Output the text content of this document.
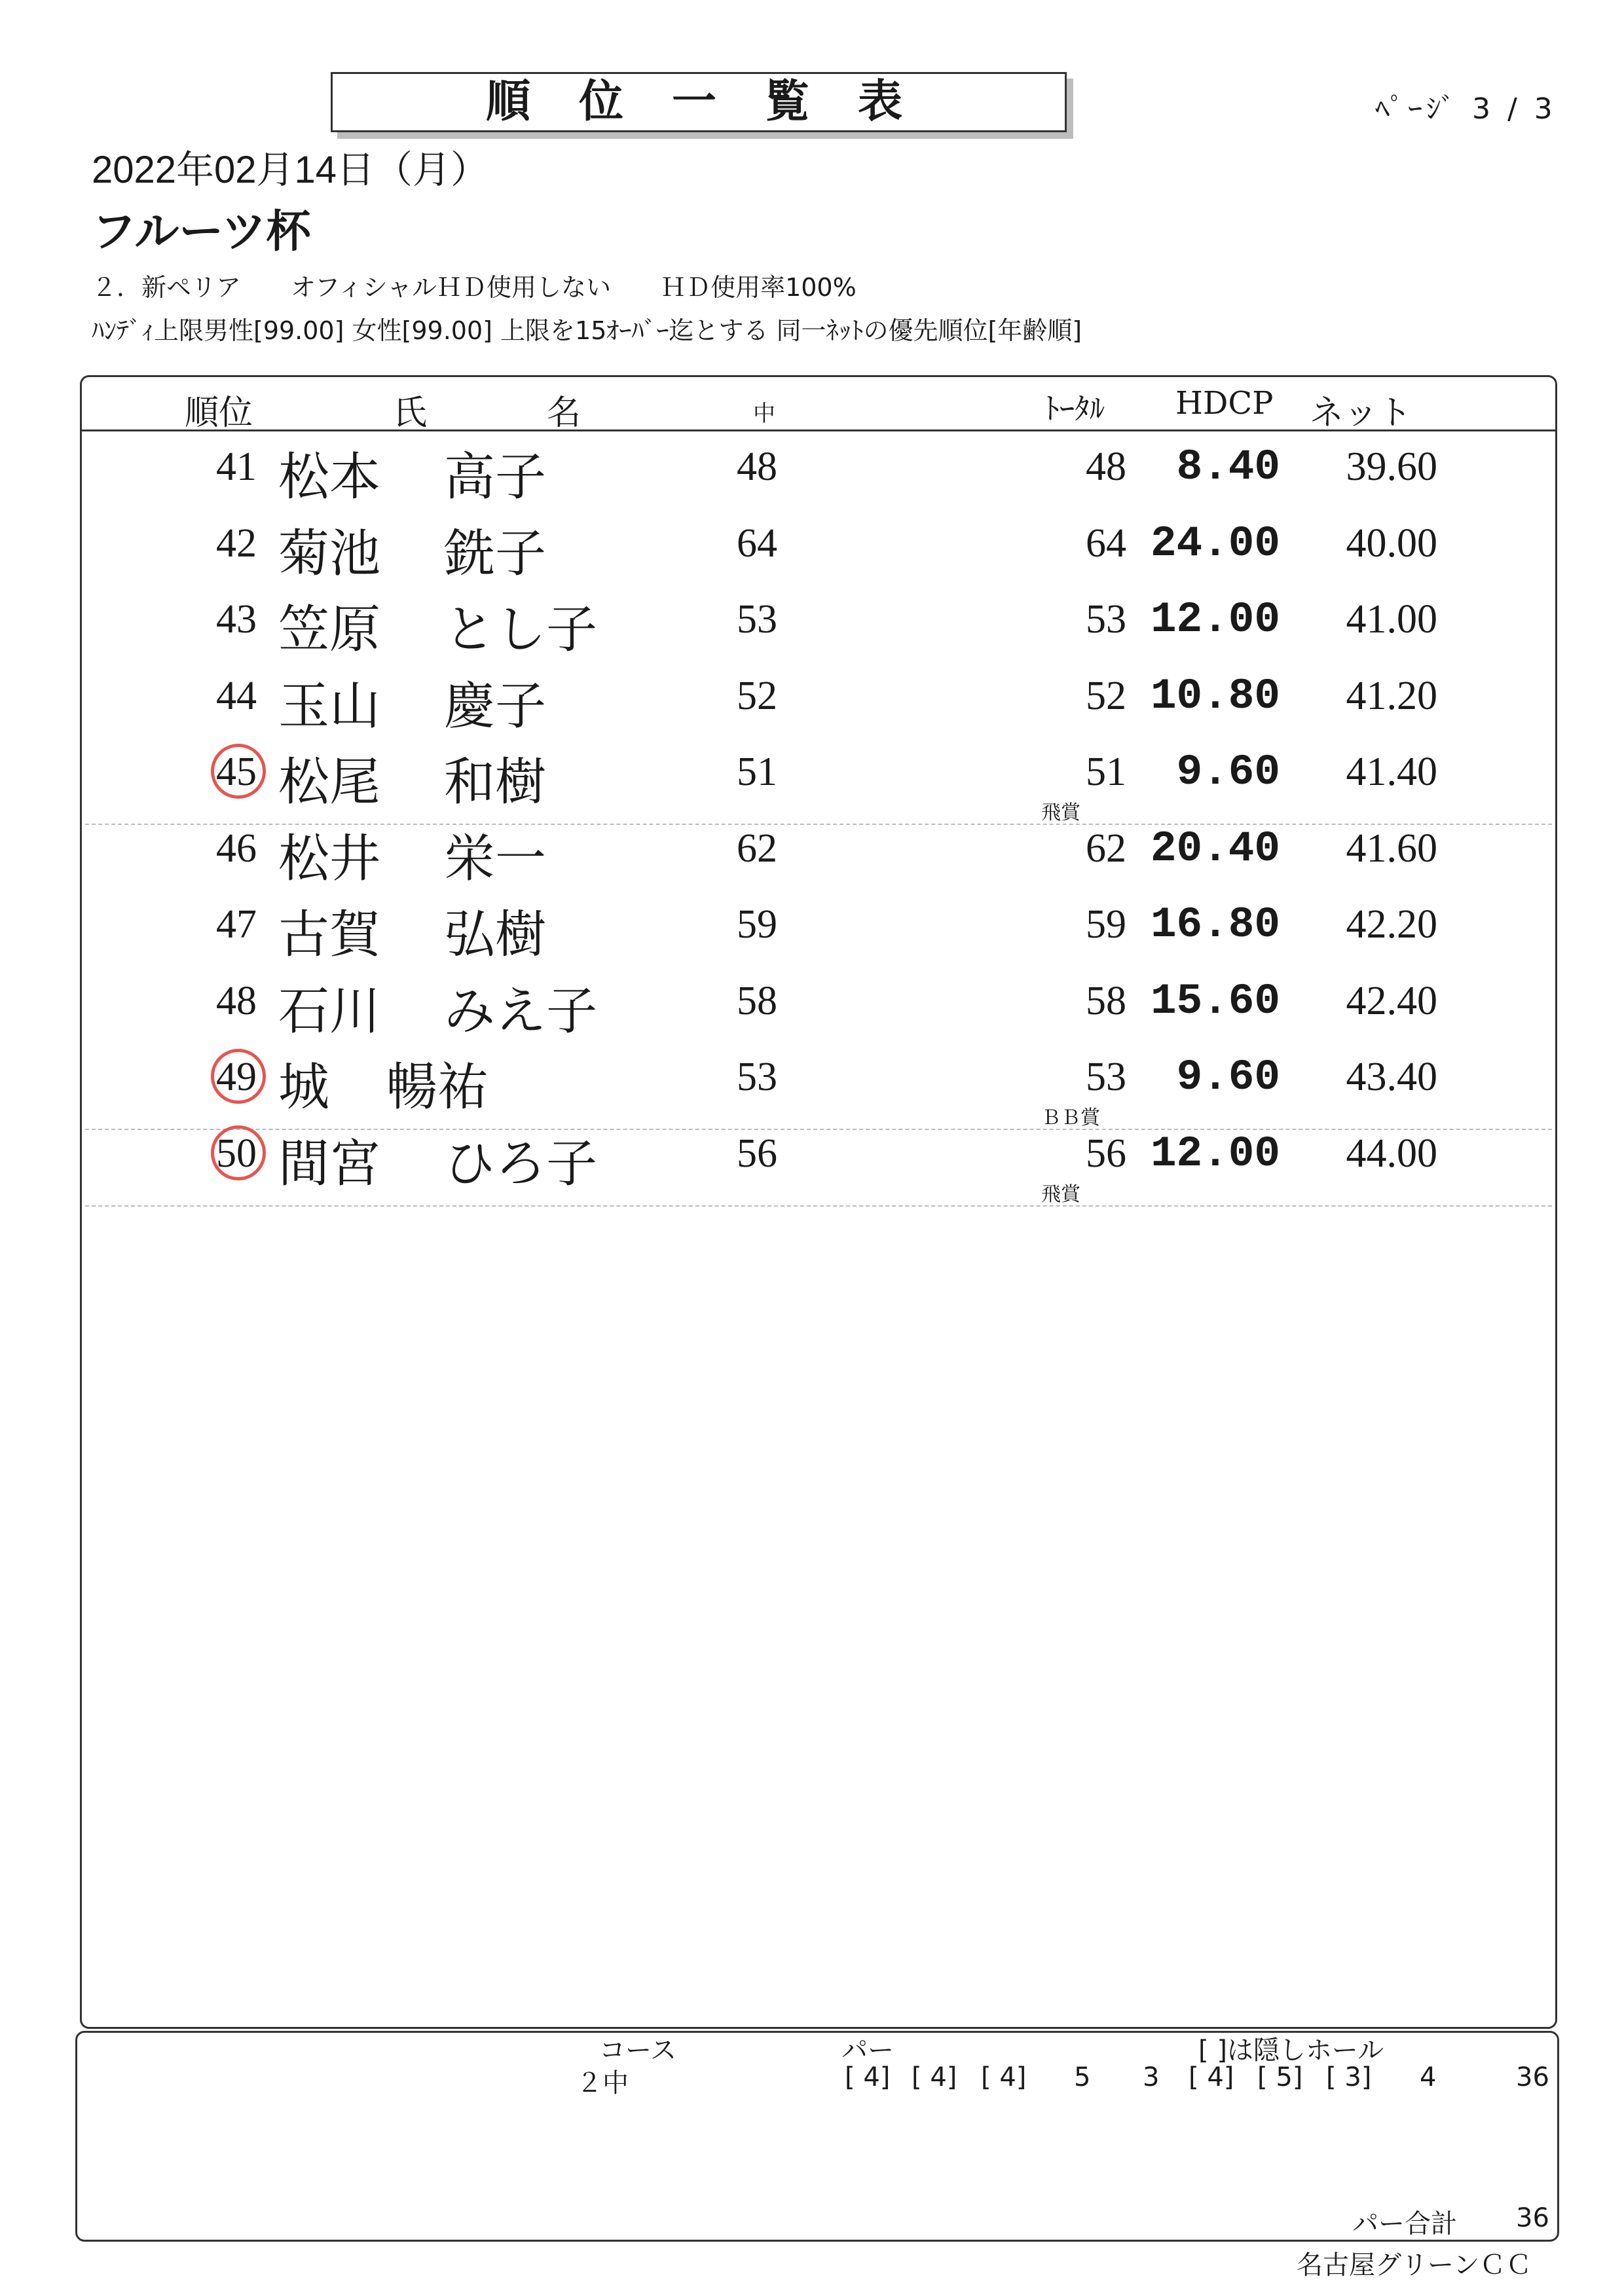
順位一覧表	ﾍﾟｰｼﾞ 3 / 3
2022年02月14日（月）
フルーツ杯
２．新ペリア　　オフィシャルＨＤ使用しない　　ＨＤ使用率100%
ﾊﾝﾃﾞｨ上限男性[99.00] 女性[99.00] 上限を15ｵｰﾊﾞｰ迄とする 同一ﾈｯﾄの優先順位[年齢順]
順位	氏	名	中	ﾄｰﾀﾙ HDCP ネット
41 松本 高子	48	48 8.40 39.60
42 菊池 銑子	64	64 24.00 40.00
43 笠原 とし子	53	53 12.00 41.00
44 玉山 慶子	52	52 10.80 41.20
45 松尾 和樹	51	51 9.60 41.40
飛賞
46 松井 栄一	62	62 20.40 41.60
47 古賀 弘樹	59	59 16.80 42.20
48 石川 みえ子	58	58 15.60 42.40
49 城 暢祐	53	53 9.60 43.40
ＢＢ賞
50 間宮 ひろ子	56	56 12.00 44.00
飛賞
コース	パー	[ ]は隠しホール
２中	[ 4] [ 4] [ 4] 5 3 [ 4] [ 5] [ 3] 4	36
パー合計 36
名古屋グリーンＣＣ
